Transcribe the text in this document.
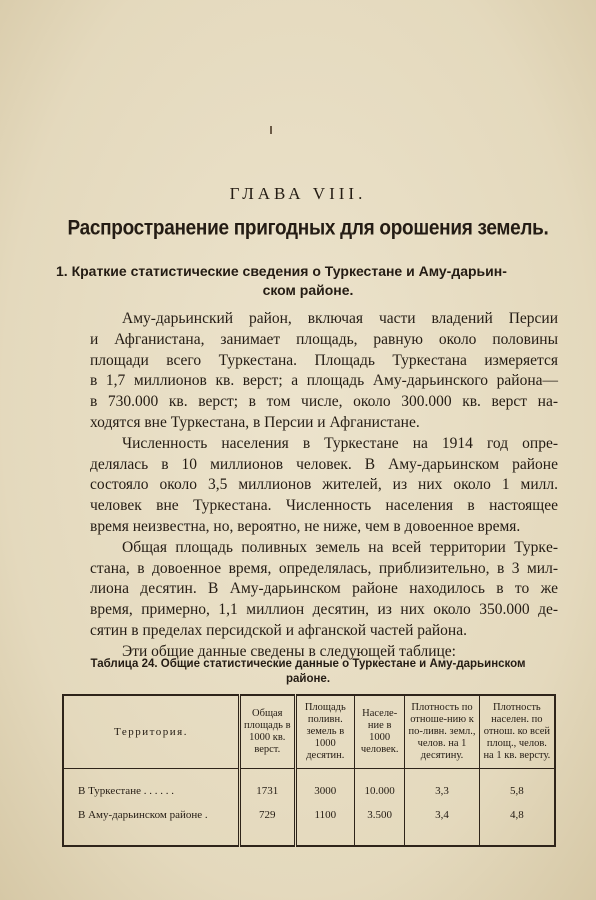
ГЛАВА VIII.
Распространение пригодных для орошения земель.
1. Краткие статистические сведения о Туркестане и Аму-дарьин-
ском районе.

Аму-дарьинский район, включая части владений Персии
и Афганистана, занимает площадь, равную около половины
площади всего Туркестана. Площадь Туркестана измеряется
в 1,7 миллионов кв. верст; а площадь Аму-дарьинского района—
в 730.000 кв. верст; в том числе, около 300.000 кв. верст на-
ходятся вне Туркестана, в Персии и Афганистане.

Численность населения в Туркестане на 1914 год опре-
делялась в 10 миллионов человек. В Аму-дарьинском районе
состояло около 3,5 миллионов жителей, из них около 1 милл.
человек вне Туркестана. Численность населения в настоящее
время неизвестна, но, вероятно, не ниже, чем в довоенное время.

Общая площадь поливных земель на всей территории Туркe-
стана, в довоенное время, определялась, приблизительно, в 3 мил-
лиона десятин. В Аму-дарьинском районе находилось в то же
время, примерно, 1,1 миллион десятин, из них около 350.000 де-
сятин в пределах персидской и афганской частей района.

Эти общие данные сведены в следующей таблице:

Таблица 24. Общие статистические данные о Туркестане и Аму-дарьинском
районе.
Территория.	Общая площадь в 1000 кв. верст.	Площадь поливн. земель в 1000 десятин.	Населе-ние в 1000 человек.	Плотность по отноше-нию к по-ливн. земл., челов. на 1 десятину.	Плотность населен. по отнош. ко всей площ., челов. на 1 кв. версту.

В Туркестане . . . . . .	1731	3000	10.000	3,3	5,8
В Аму-дарьинском районе .	729	1100	3.500	3,4	4,8
